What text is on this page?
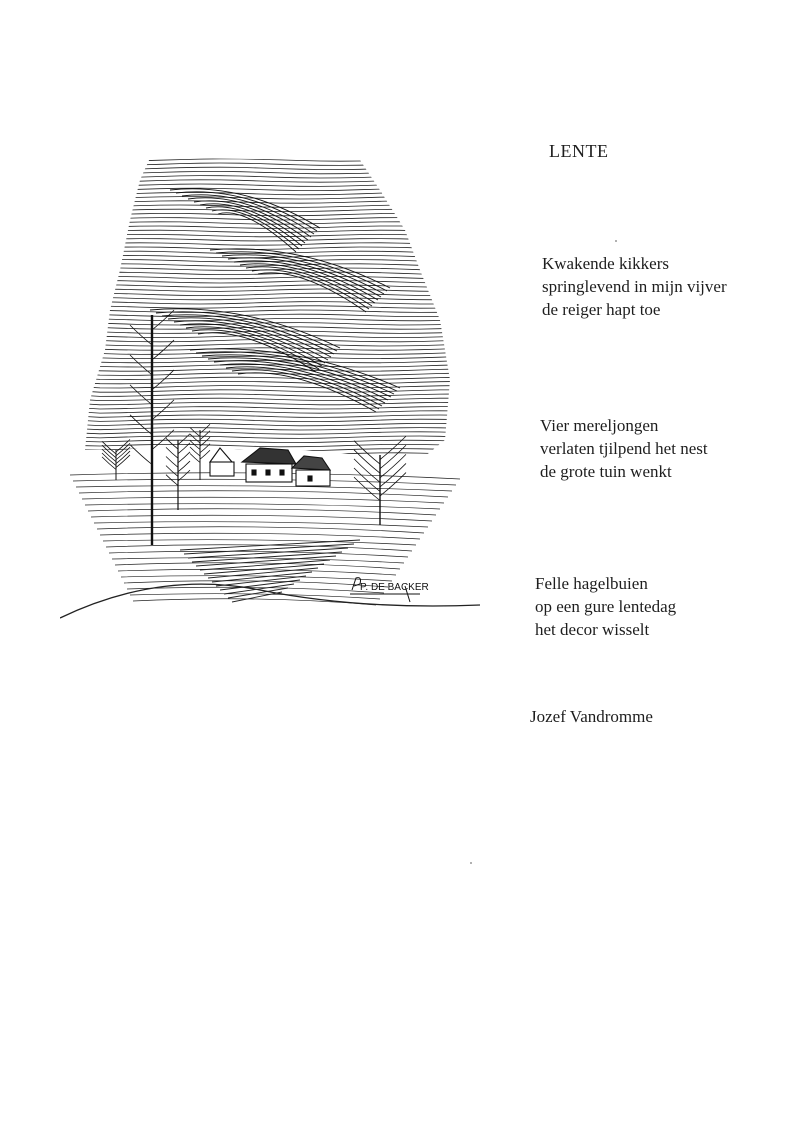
P. DE BACKER
LENTE
Kwakende kikkers
springlevend in mijn vijver
de reiger hapt toe
Vier mereljongen
verlaten tjilpend het nest
de grote tuin wenkt
Felle hagelbuien
op een gure lentedag
het decor wisselt
Jozef Vandromme
